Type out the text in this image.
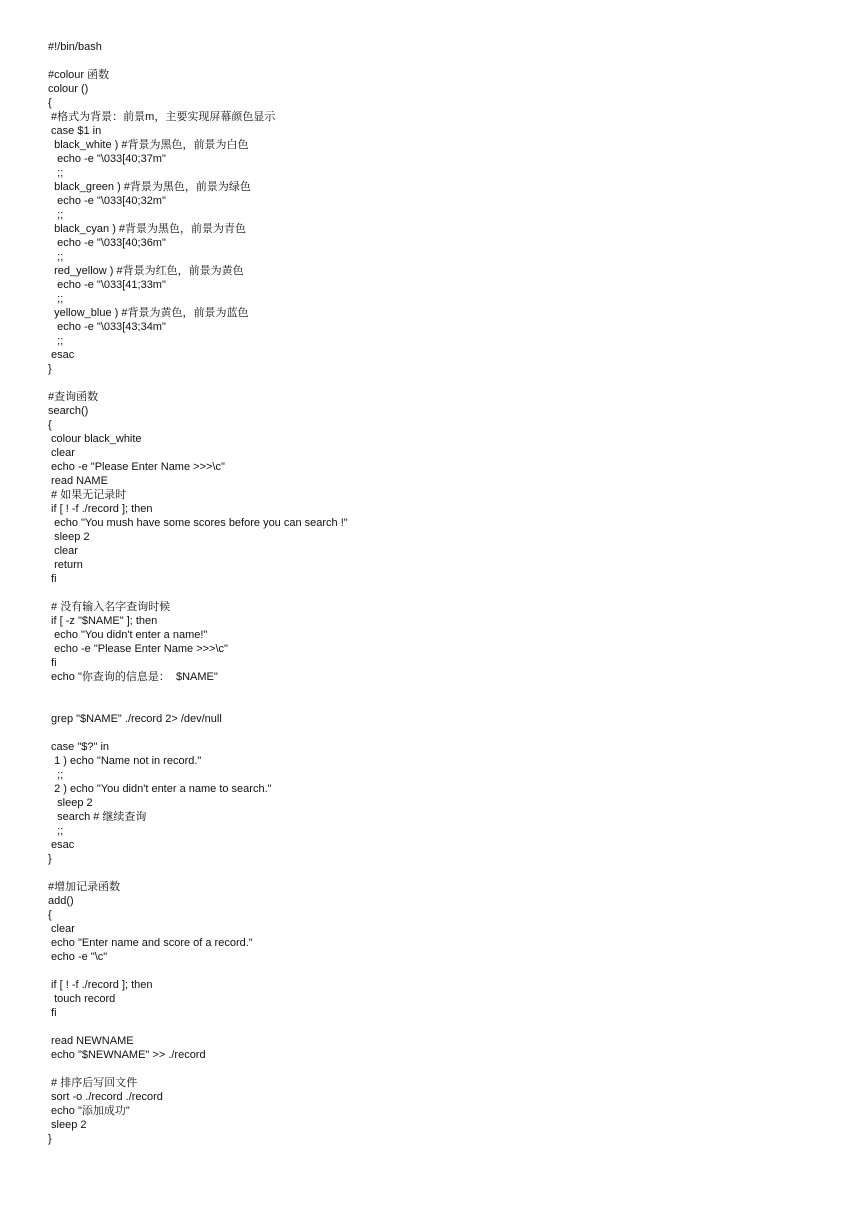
#!/bin/bash
#colour 函数
colour ()
{
#格式为背景：前景m，主要实现屏幕颜色显示
case $1 in
black_white ) #背景为黑色，前景为白色
echo -e "\033[40;37m"
;;
black_green ) #背景为黑色，前景为绿色
echo -e "\033[40;32m"
;;
black_cyan ) #背景为黑色，前景为青色
echo -e "\033[40;36m"
;;
red_yellow ) #背景为红色，前景为黄色
echo -e "\033[41;33m"
;;
yellow_blue ) #背景为黄色，前景为蓝色
echo -e "\033[43;34m"
;;
esac
}
#查询函数
search()
{
colour black_white
clear
echo -e "Please Enter Name >>>\c"
read NAME
# 如果无记录时
if [ ! -f ./record ]; then
echo "You mush have some scores before you can search !"
sleep 2
clear
return
fi
# 没有输入名字查询时候
if [ -z "$NAME" ]; then
echo "You didn't enter a name!"
echo -e "Please Enter Name >>>\c"
fi
echo "你查询的信息是：  $NAME"
grep "$NAME" ./record 2> /dev/null
case "$?" in
1 ) echo "Name not in record."
;;
2 ) echo "You didn't enter a name to search."
sleep 2
search # 继续查询
;;
esac
}
#增加记录函数
add()
{
clear
echo "Enter name and score of a record."
echo -e "\c"
if [ ! -f ./record ]; then
touch record
fi
read NEWNAME
echo "$NEWNAME" >> ./record
# 排序后写回文件
sort -o ./record ./record
echo "添加成功"
sleep 2
}
